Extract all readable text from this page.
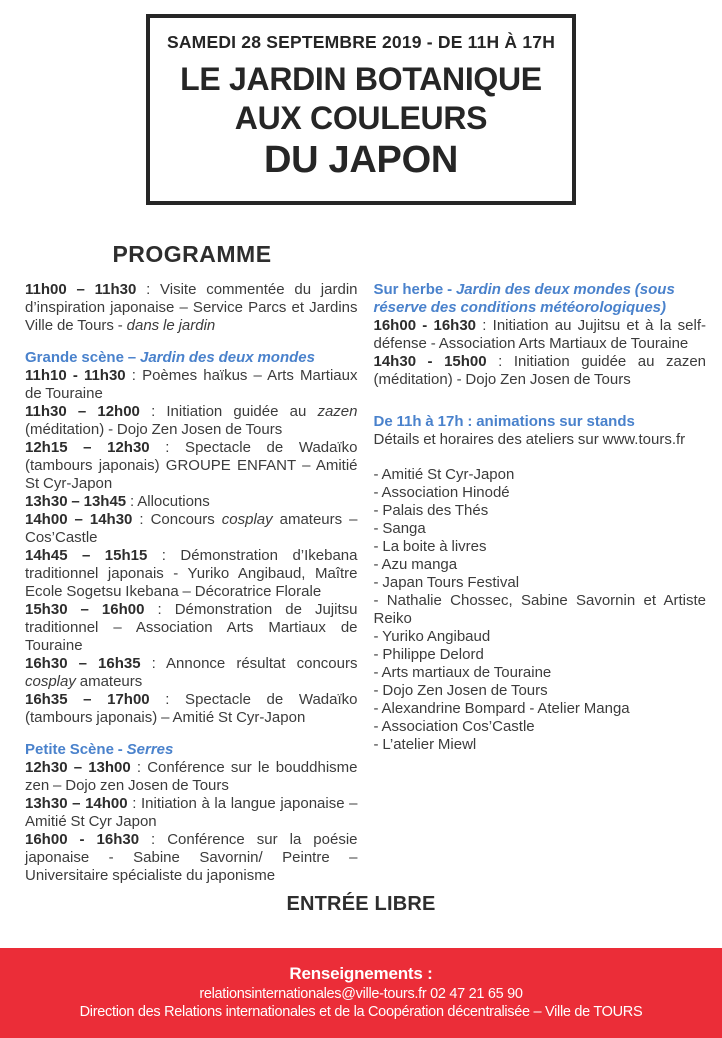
SAMEDI 28 SEPTEMBRE 2019 - DE 11H À 17H
LE JARDIN BOTANIQUE
AUX COULEURS
DU JAPON
PROGRAMME

11h00 – 11h30 : Visite commentée du jardin d’inspiration japonaise – Service Parcs et Jardins Ville de Tours - dans le jardin

Grande scène – Jardin des deux mondes

11h10 - 11h30 : Poèmes haïkus – Arts Martiaux de Touraine

11h30 – 12h00 : Initiation guidée au zazen (méditation) - Dojo Zen Josen de Tours

12h15 – 12h30 : Spectacle de Wadaïko (tambours japonais) GROUPE ENFANT – Amitié St Cyr-Japon

13h30 – 13h45 : Allocutions

14h00 – 14h30 : Concours cosplay amateurs – Cos’Castle

14h45 – 15h15 : Démonstration d’Ikebana traditionnel japonais - Yuriko Angibaud, Maître Ecole Sogetsu Ikebana – Décoratrice Florale

15h30 – 16h00 : Démonstration de Jujitsu traditionnel – Association Arts Martiaux de Touraine

16h30 – 16h35 : Annonce résultat concours cosplay amateurs

16h35 – 17h00 : Spectacle de Wadaïko (tambours japonais) – Amitié St Cyr-Japon

Petite Scène - Serres

12h30 – 13h00 : Conférence sur le bouddhisme zen – Dojo zen Josen de Tours

13h30 – 14h00 : Initiation à la langue japonaise – Amitié St Cyr Japon

16h00 - 16h30 : Conférence sur la poésie japonaise - Sabine Savornin/ Peintre – Universitaire spécialiste du japonisme

Sur herbe - Jardin des deux mondes (sous réserve des conditions météorologiques)

16h00 - 16h30 : Initiation au Jujitsu et à la self-défense - Association Arts Martiaux de Touraine

14h30 - 15h00 : Initiation guidée au zazen (méditation) - Dojo Zen Josen de Tours

De 11h à 17h : animations sur stands

Détails et horaires des ateliers sur www.tours.fr

- Amitié St Cyr-Japon

- Association Hinodé

- Palais des Thés

- Sanga

- La boite à livres

- Azu manga

- Japan Tours Festival

- Nathalie Chossec, Sabine Savornin et Artiste Reiko

- Yuriko Angibaud

- Philippe Delord

- Arts martiaux de Touraine

- Dojo Zen Josen de Tours

- Alexandrine Bompard - Atelier Manga

- Association Cos’Castle

- L’atelier Miewl

ENTRÉE LIBRE
Renseignements :
relationsinternationales@ville-tours.fr 02 47 21 65 90
Direction des Relations internationales et de la Coopération décentralisée – Ville de TOURS
